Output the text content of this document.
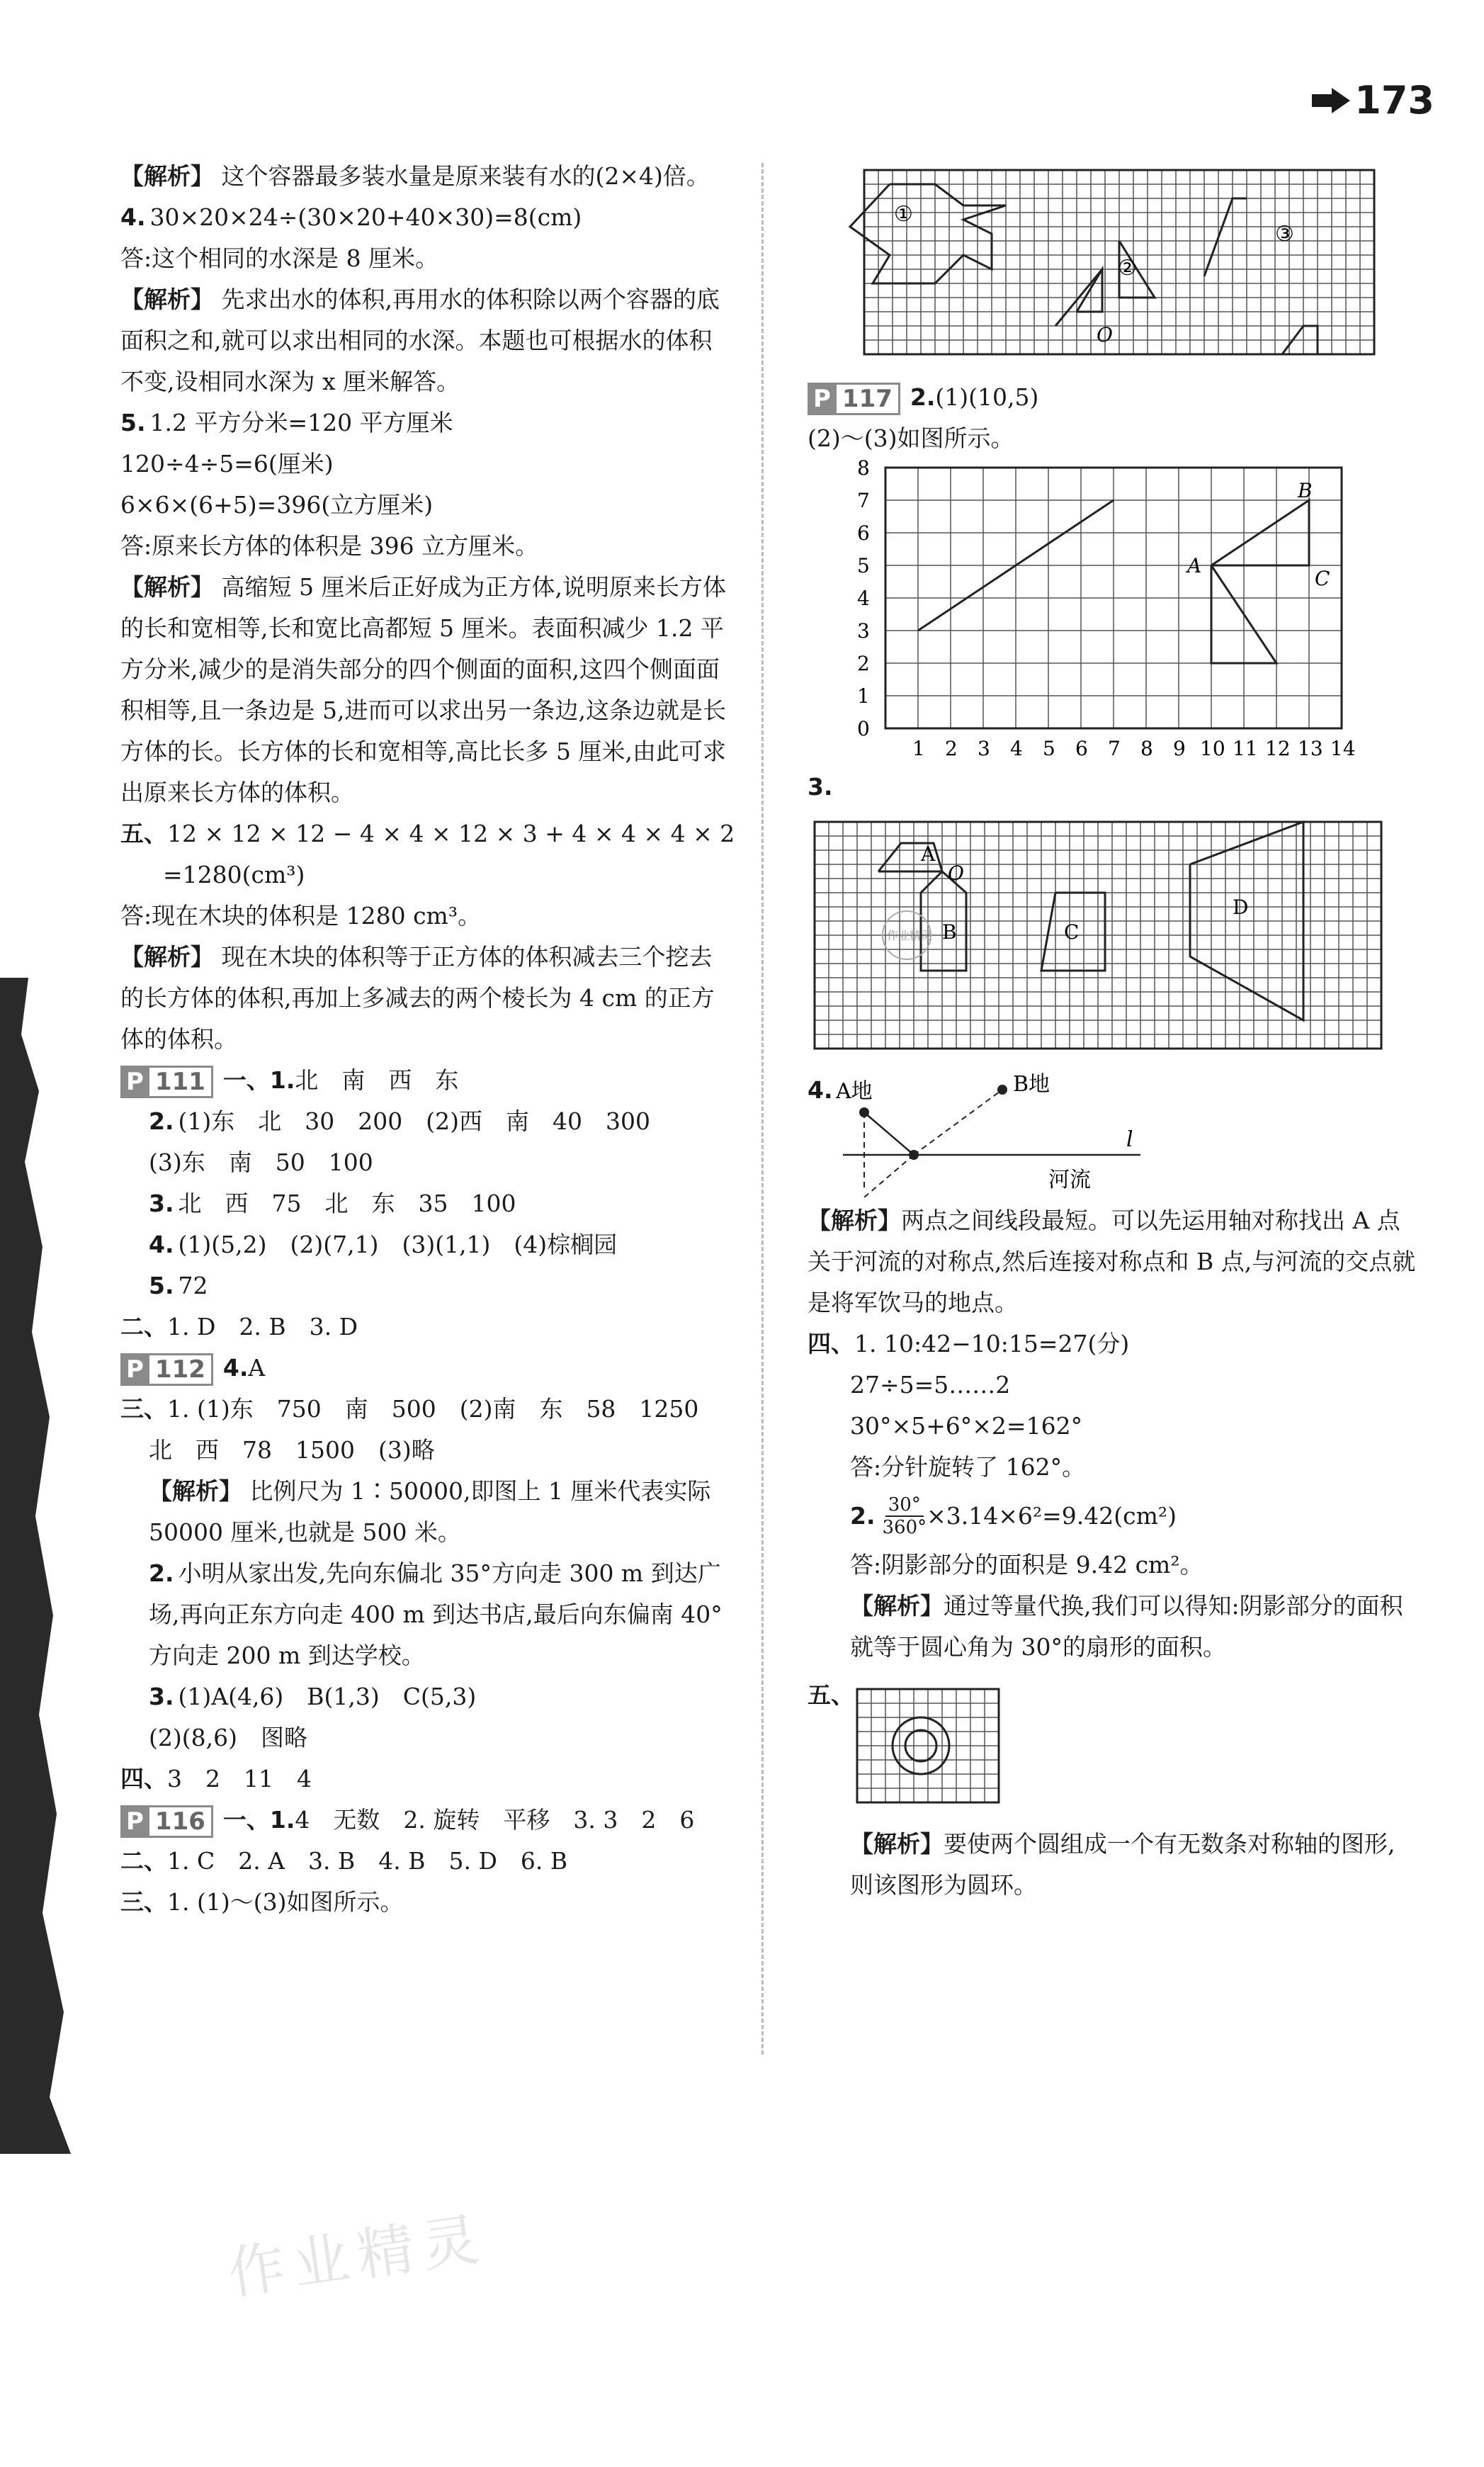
173
【解析】 这个容器最多装水量是原来装有水的(2×4)倍。
4. 30×20×24÷(30×20+40×30)=8(cm)
答:这个相同的水深是 8 厘米。
【解析】 先求出水的体积,再用水的体积除以两个容器的底面积之和,就可以求出相同的水深。本题也可根据水的体积不变,设相同水深为 x 厘米解答。
5. 1.2 平方分米=120 平方厘米
120÷4÷5=6(厘米)
6×6×(6+5)=396(立方厘米)
答:原来长方体的体积是 396 立方厘米。
【解析】 高缩短 5 厘米后正好成为正方体,说明原来长方体的长和宽相等,长和宽比高都短 5 厘米。表面积减少 1.2 平方分米,减少的是消失部分的四个侧面的面积,这四个侧面面积相等,且一条边是 5,进而可以求出另一条边,这条边就是长方体的长。长方体的长和宽相等,高比长多 5 厘米,由此可求出原来长方体的体积。
五、12 × 12 × 12 − 4 × 4 × 12 × 3 + 4 × 4 × 4 × 2
=1280(cm³)
答:现在木块的体积是 1280 cm³。
【解析】 现在木块的体积等于正方体的体积减去三个挖去的长方体的体积,再加上多减去的两个棱长为 4 cm 的正方体的体积。
P 111 一、1.北　南　西　东
2. (1)东　北　30　200　(2)西　南　40　300
(3)东　南　50　100
3. 北　西　75　北　东　35　100
4. (1)(5,2)　(2)(7,1)　(3)(1,1)　(4)棕榈园
5. 72
二、1. D　2. B　3. D
P 112 4.A
三、1. (1)东　750　南　500　(2)南　东　58　1250
北　西　78　1500　(3)略
【解析】 比例尺为 1∶50000,即图上 1 厘米代表实际 50000 厘米,也就是 500 米。
2. 小明从家出发,先向东偏北 35°方向走 300 m 到达广场,再向正东方向走 400 m 到达书店,最后向东偏南 40°方向走 200 m 到达学校。
3. (1)A(4,6)　B(1,3)　C(5,3)
(2)(8,6)　图略
四、3　2　11　4
P 116 一、1.4　无数　2. 旋转　平移　3. 3　2　6
二、1. C　2. A　3. B　4. B　5. D　6. B
三、1. (1)～(3)如图所示。
①
②
③
O
P 117 2.(1)(10,5)
(2)～(3)如图所示。
8
7
6
5
4
3
2
1
0
1 2 3 4 5 6 7 8 9 10 11 12 13 14
A
B
C
3.
作业精灵
A
O
B	C
D
4. A地	B地
l
河流
【解析】两点之间线段最短。可以先运用轴对称找出 A 点关于河流的对称点,然后连接对称点和 B 点,与河流的交点就是将军饮马的地点。
四、1. 10:42−10:15=27(分)
27÷5=5……2
30°×5+6°×2=162°
答:分针旋转了 162°。
2. $\frac{30^\circ}{360^\circ} \times 3.14\times 6^2=9.42(cm^2)$
答:阴影部分的面积是 9.42 cm²。
【解析】通过等量代换,我们可以得知:阴影部分的面积就等于圆心角为 30°的扇形的面积。
五、
【解析】要使两个圆组成一个有无数条对称轴的图形,则该图形为圆环。
作业精灵
